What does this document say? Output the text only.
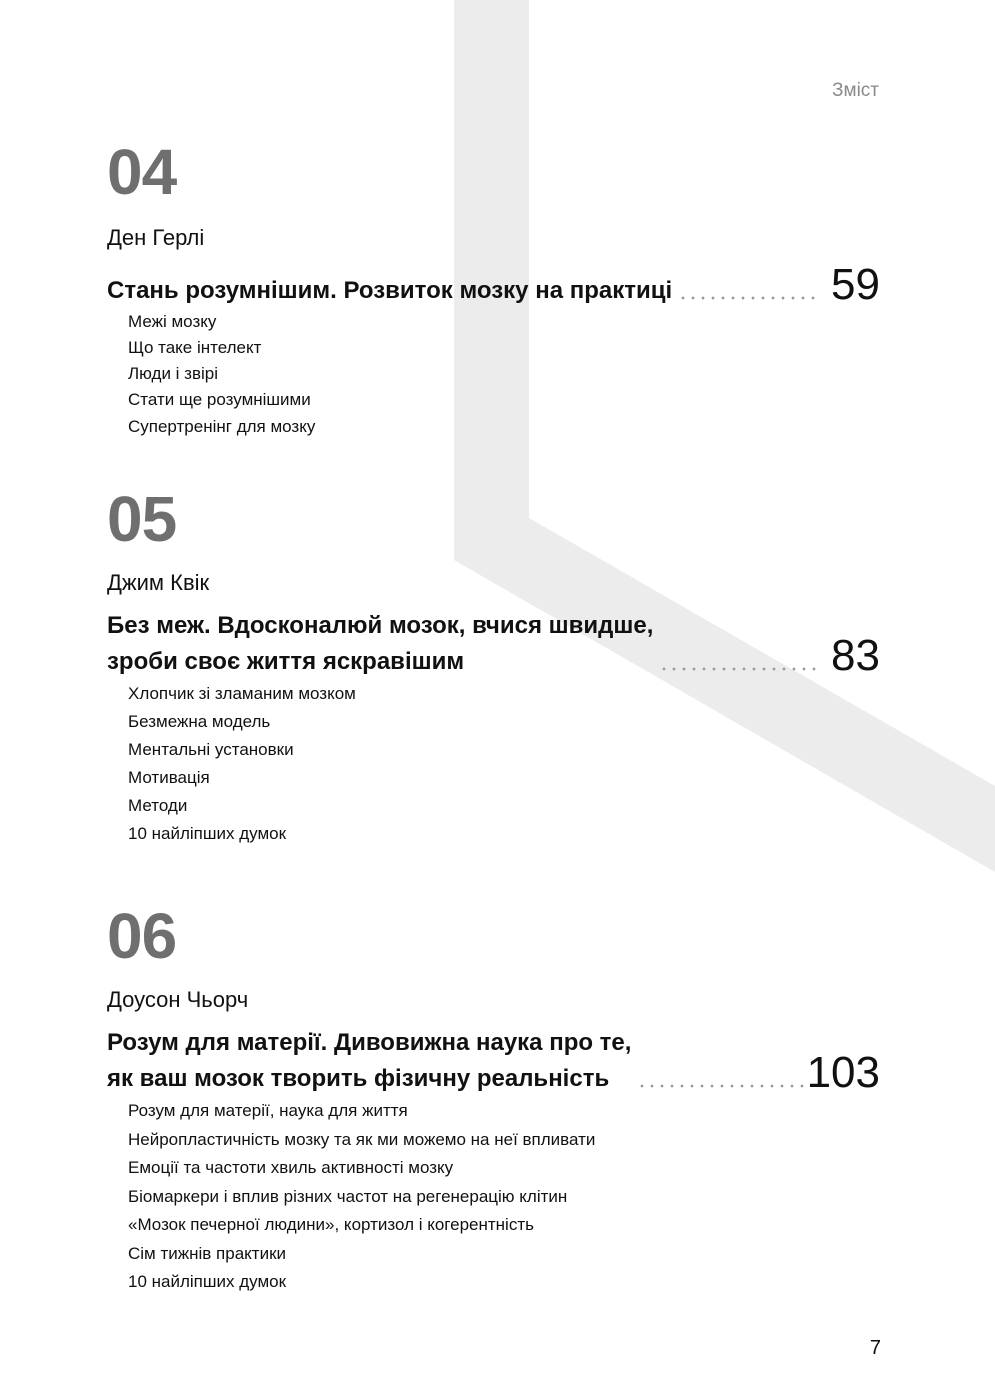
Зміст
04
Ден Герлі
Стань розумнішим. Розвиток мозку на практиці	59
Межі мозку
Що таке інтелект
Люди і звірі
Стати ще розумнішими
Супертренінг для мозку
05
Джим Квік
Без меж. Вдосконалюй мозок, вчися швидше,
зроби своє життя яскравішим	83
Хлопчик зі зламаним мозком
Безмежна модель
Ментальні установки
Мотивація
Методи
10 найліпших думок
06
Доусон Чьорч
Розум для матерії. Дивовижна наука про те,
як ваш мозок творить фізичну реальність	103
Розум для матерії, наука для життя
Нейропластичність мозку та як ми можемо на неї впливати
Емоції та частоти хвиль активності мозку
Біомаркери і вплив різних частот на регенерацію клітин
«Мозок печерної людини», кортизол і когерентність
Сім тижнів практики
10 найліпших думок
7
